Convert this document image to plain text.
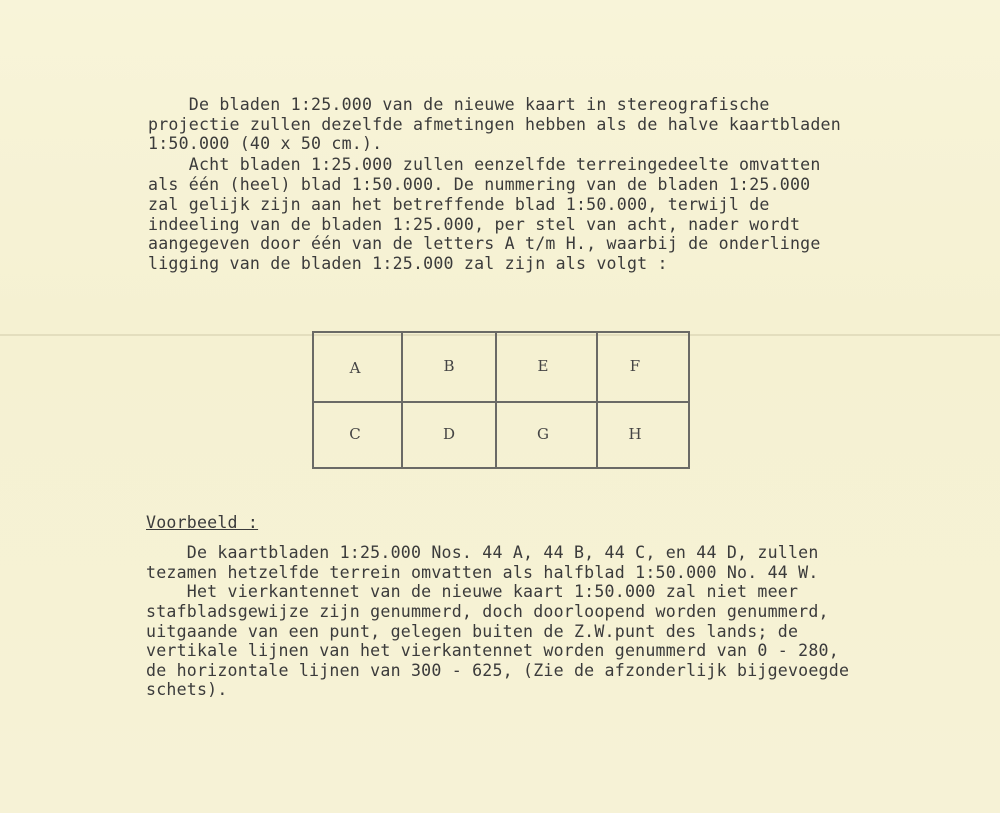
De bladen 1:25.000 van de nieuwe kaart in stereografische
projectie zullen dezelfde afmetingen hebben als de halve kaartbladen
1:50.000 (40 x 50 cm.).
Acht bladen 1:25.000 zullen eenzelfde terreingedeelte omvatten
als één (heel) blad 1:50.000. De nummering van de bladen 1:25.000
zal gelijk zijn aan het betreffende blad 1:50.000, terwijl de
indeeling van de bladen 1:25.000, per stel van acht, nader wordt
aangegeven door één van de letters A t/m H., waarbij de onderlinge
ligging van de bladen 1:25.000 zal zijn als volgt :
A	B	E	F
C	D	G	H
Voorbeeld :
De kaartbladen 1:25.000 Nos. 44 A, 44 B, 44 C, en 44 D, zullen
tezamen hetzelfde terrein omvatten als halfblad 1:50.000 No. 44 W.
Het vierkantennet van de nieuwe kaart 1:50.000 zal niet meer
stafbladsgewijze zijn genummerd, doch doorloopend worden genummerd,
uitgaande van een punt, gelegen buiten de Z.W.punt des lands; de
vertikale lijnen van het vierkantennet worden genummerd van 0 - 280,
de horizontale lijnen van 300 - 625, (Zie de afzonderlijk bijgevoegde
schets).
